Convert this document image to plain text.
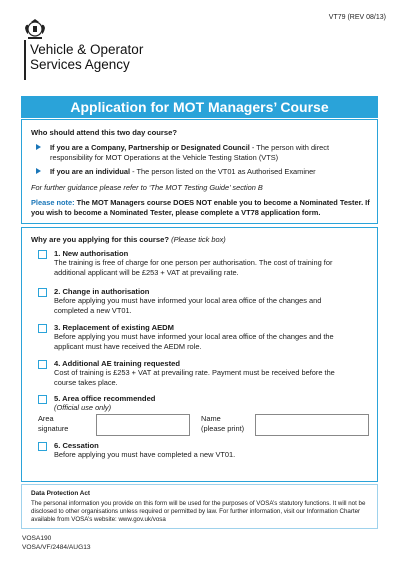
VT79 (REV 08/13)
Vehicle & Operator
Services Agency
Application for MOT Managers’ Course
Who should attend this two day course?
If you are a Company, Partnership or Designated Council - The person with direct responsibility for MOT Operations at the Vehicle Testing Station (VTS)
If you are an individual - The person listed on the VT01 as Authorised Examiner
For further guidance please refer to ‘The MOT Testing Guide’ section B
Please note: The MOT Managers course DOES NOT enable you to become a Nominated Tester. If you wish to become a Nominated Tester, please complete a VT78 application form.
Why are you applying for this course? (Please tick box)
1. New authorisation
The training is free of charge for one person per authorisation. The cost of training for additional applicant will be £253 + VAT at prevailing rate.
2. Change in authorisation
Before applying you must have informed your local area office of the changes and completed a new VT01.
3. Replacement of existing AEDM
Before applying you must have informed your local area office of the changes and the applicant must have received the AEDM role.
4. Additional AE training requested
Cost of training is £253 + VAT at prevailing rate. Payment must be received before the course takes place.
5. Area office recommended
(Official use only)
Area
signature
Name
(please print)
6. Cessation
Before applying you must have completed a new VT01.
Data Protection Act
The personal information you provide on this form will be used for the purposes of VOSA’s statutory functions. It will not be disclosed to other organisations unless required or permitted by law. For further information, visit our Information Charter available from VOSA’s website: www.gov.uk/vosa
VOSA190
VOSA/VF/2484/AUG13
